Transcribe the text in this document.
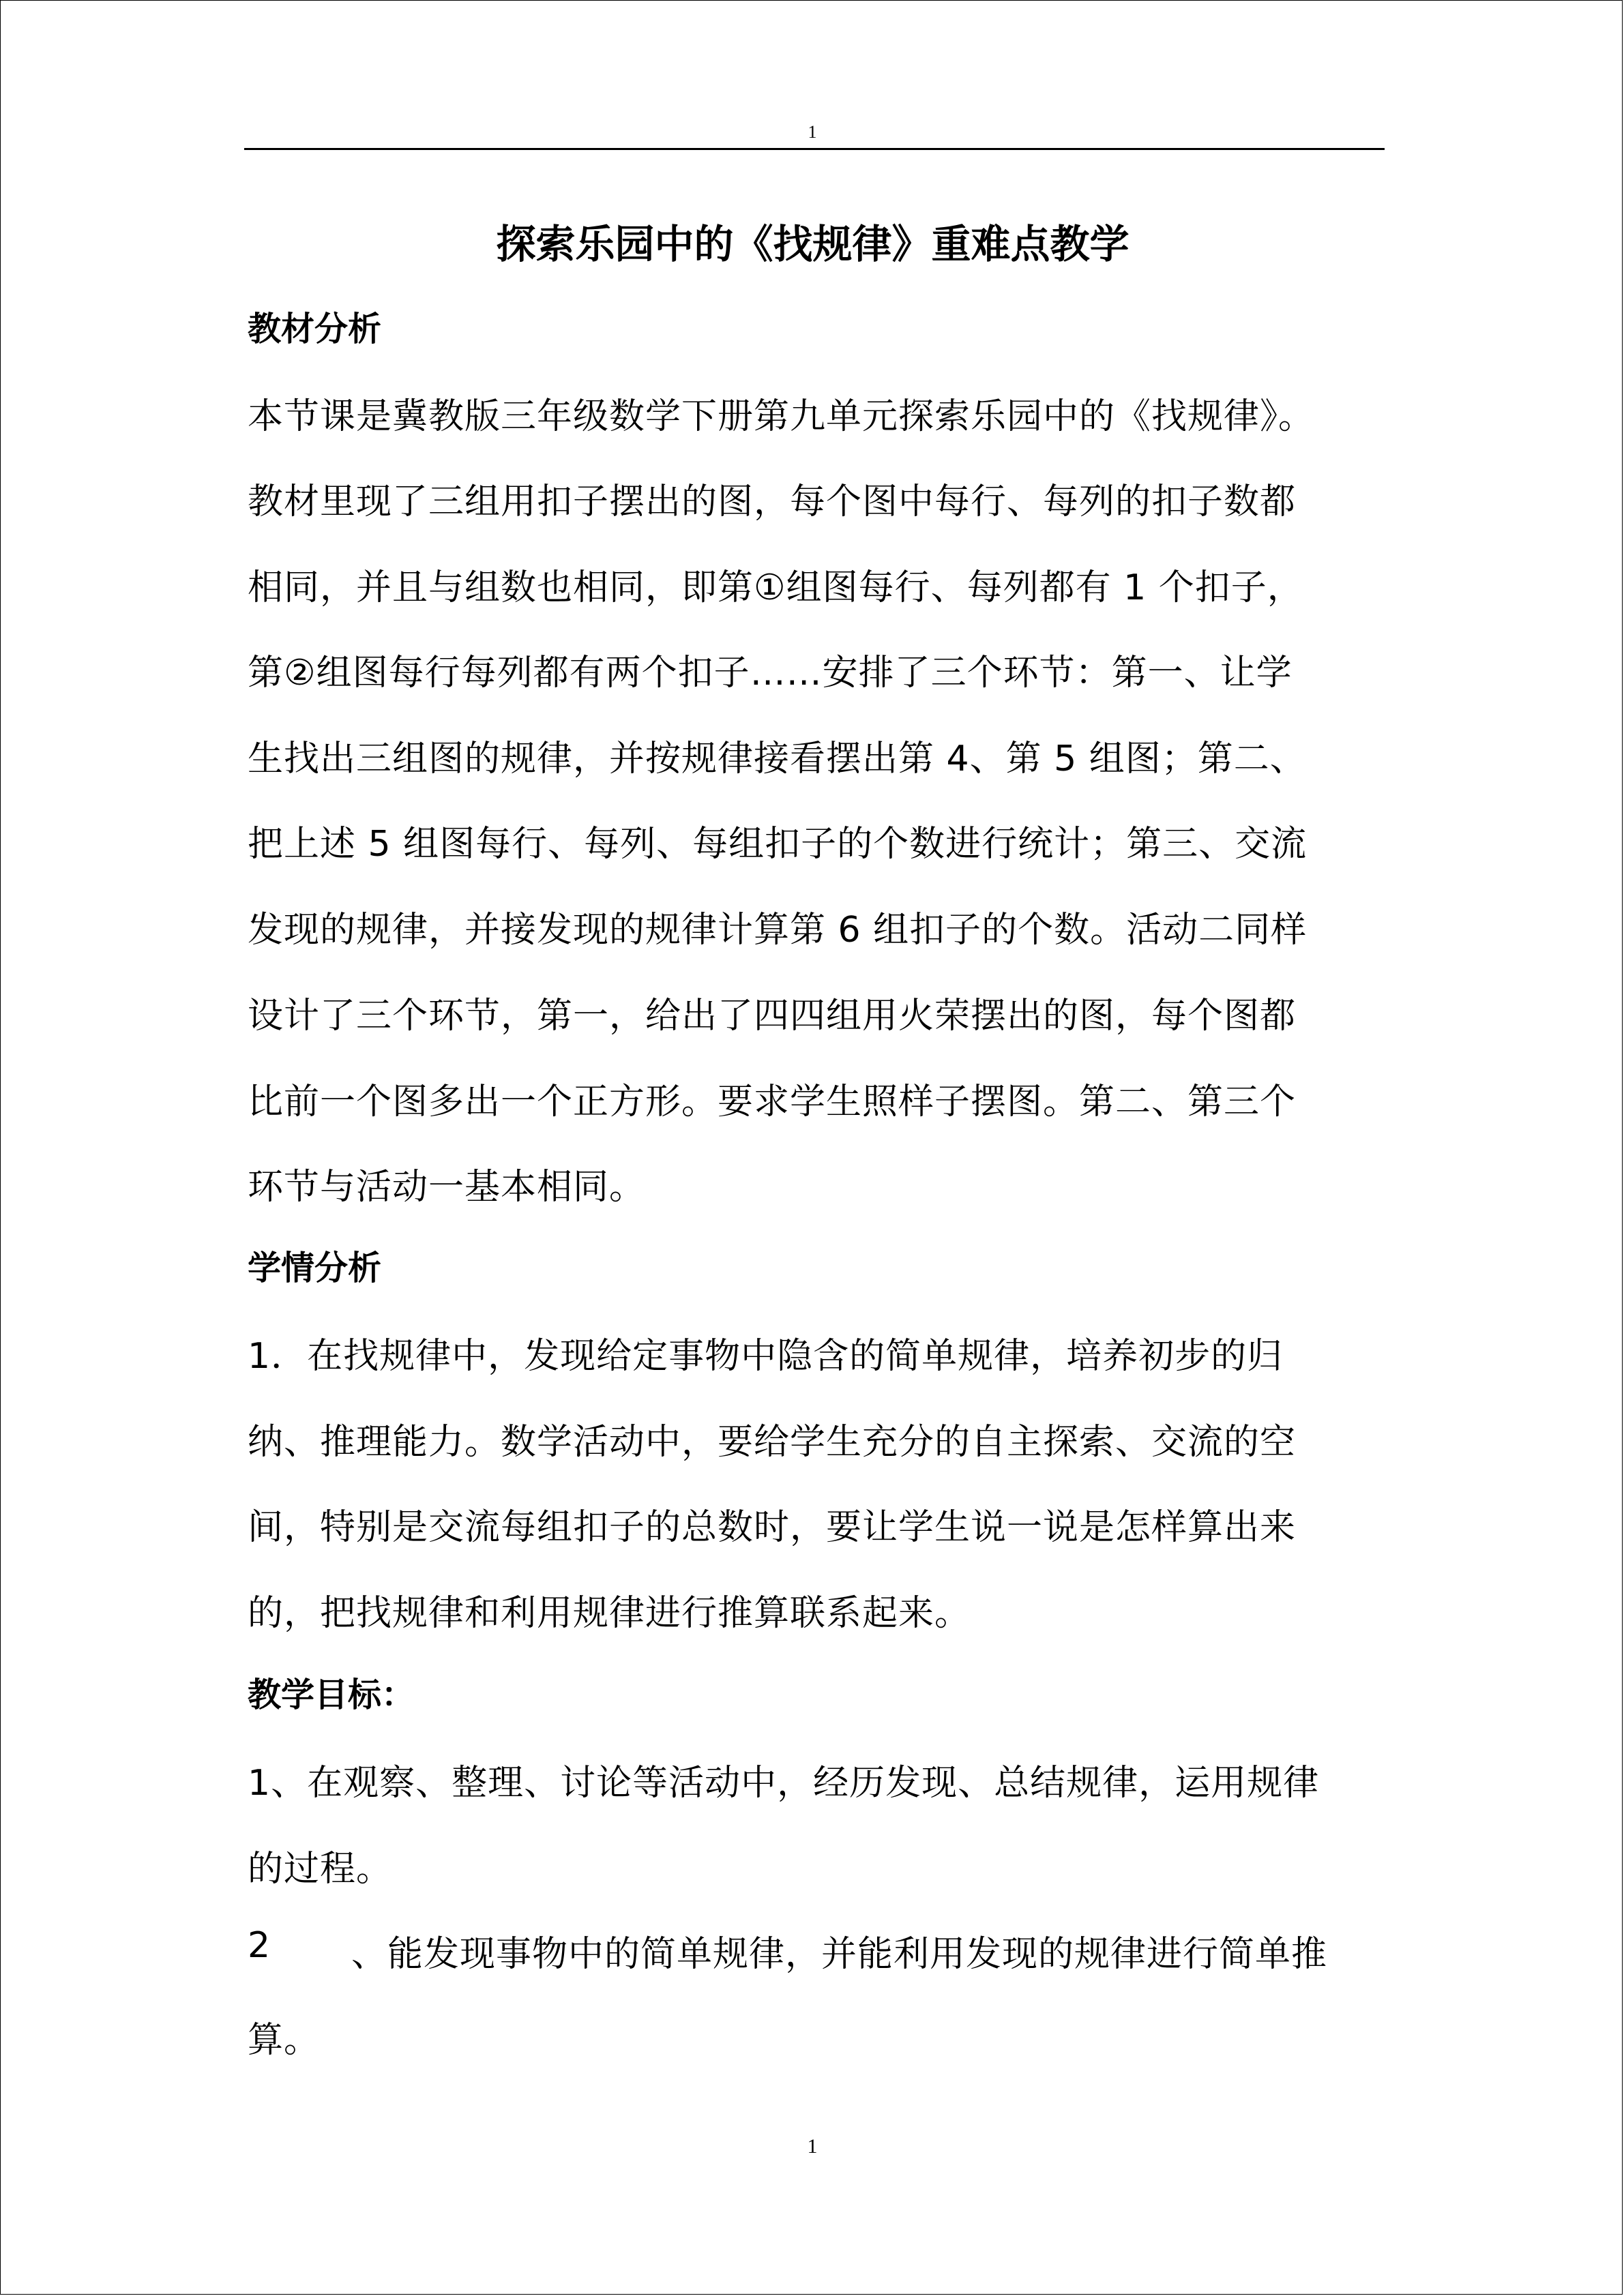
1
探索乐园中的《找规律》重难点教学
教材分析
本节课是冀教版三年级数学下册第九单元探索乐园中的《找规律》。
教材里现了三组用扣子摆出的图，每个图中每行、每列的扣子数都
相同，并且与组数也相同，即第①组图每行、每列都有 1 个扣子，
第②组图每行每列都有两个扣子……安排了三个环节：第一、让学
生找出三组图的规律，并按规律接看摆出第 4、第 5 组图；第二、
把上述 5 组图每行、每列、每组扣子的个数进行统计；第三、交流
发现的规律，并接发现的规律计算第 6 组扣子的个数。活动二同样
设计了三个环节，第一，给出了四四组用火荣摆出的图，每个图都
比前一个图多出一个正方形。要求学生照样子摆图。第二、第三个
环节与活动一基本相同。
学情分析
1．在找规律中，发现给定事物中隐含的简单规律，培养初步的归
纳、推理能力。数学活动中，要给学生充分的自主探索、交流的空
间，特别是交流每组扣子的总数时，要让学生说一说是怎样算出来
的，把找规律和利用规律进行推算联系起来。
教学目标：
1、在观察、整理、讨论等活动中，经历发现、总结规律，运用规律
的过程。
2 、能发现事物中的简单规律，并能利用发现的规律进行简单推
算。
1
